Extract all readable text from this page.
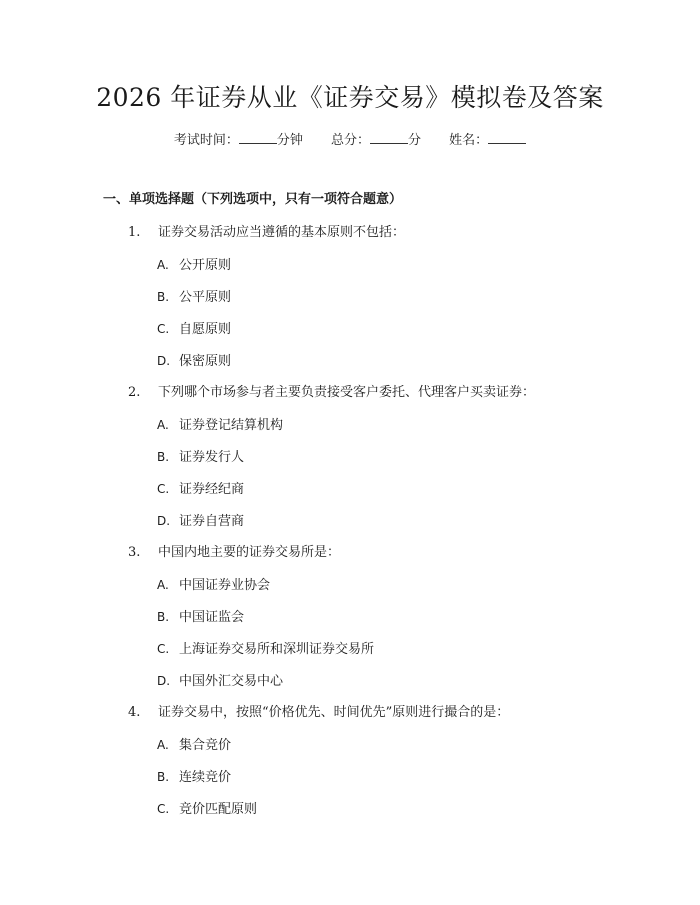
2026 年证券从业《证券交易》模拟卷及答案
考试时间：	分钟 总分：	分 姓名：
一、单项选择题（下列选项中，只有一项符合题意）
1. 证券交易活动应当遵循的基本原则不包括：
A. 公开原则
B. 公平原则
C. 自愿原则
D. 保密原则
2. 下列哪个市场参与者主要负责接受客户委托、代理客户买卖证券：
A. 证券登记结算机构
B. 证券发行人
C. 证券经纪商
D. 证券自营商
3. 中国内地主要的证券交易所是：
A. 中国证券业协会
B. 中国证监会
C. 上海证券交易所和深圳证券交易所
D. 中国外汇交易中心
4. 证券交易中，按照“价格优先、时间优先”原则进行撮合的是：
A. 集合竞价
B. 连续竞价
C. 竞价匹配原则
